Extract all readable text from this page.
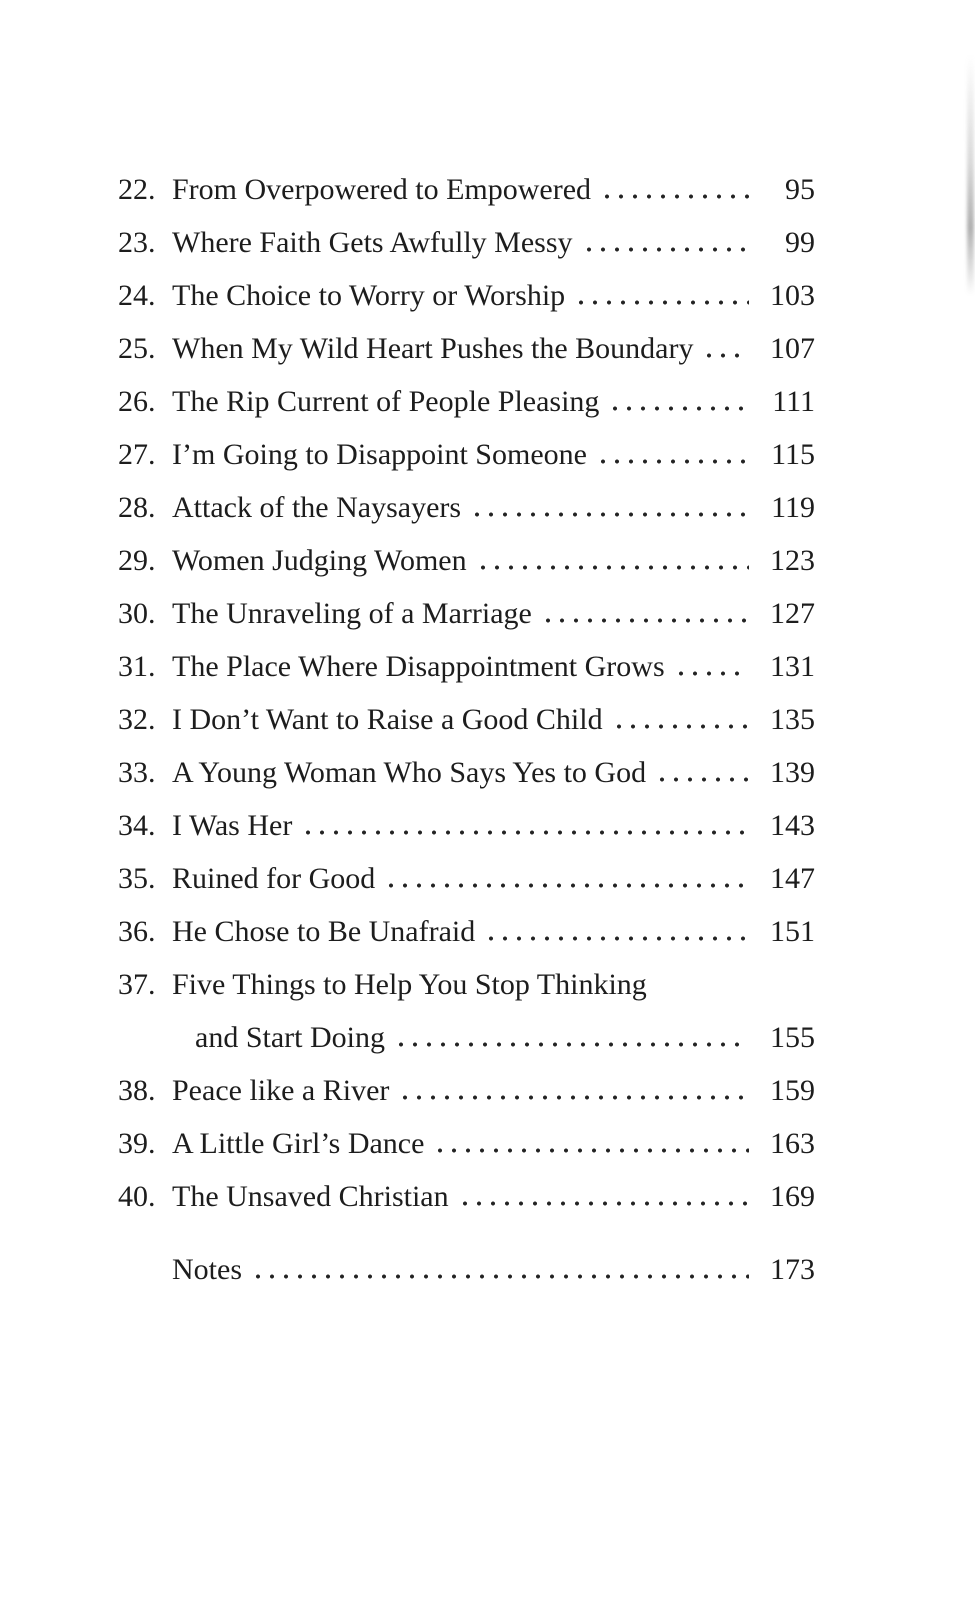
22. From Overpowered to Empowered	95
23. Where Faith Gets Awfully Messy	99
24. The Choice to Worry or Worship	103
25. When My Wild Heart Pushes the Boundary	107
26. The Rip Current of People Pleasing	111
27. I’m Going to Disappoint Someone	115
28. Attack of the Naysayers	119
29. Women Judging Women	123
30. The Unraveling of a Marriage	127
31. The Place Where Disappointment Grows	131
32. I Don’t Want to Raise a Good Child	135
33. A Young Woman Who Says Yes to God	139
34. I Was Her	143
35. Ruined for Good	147
36. He Chose to Be Unafraid	151
37. Five Things to Help You Stop Thinking
and Start Doing	155
38. Peace like a River	159
39. A Little Girl’s Dance	163
40. The Unsaved Christian	169
Notes	173
